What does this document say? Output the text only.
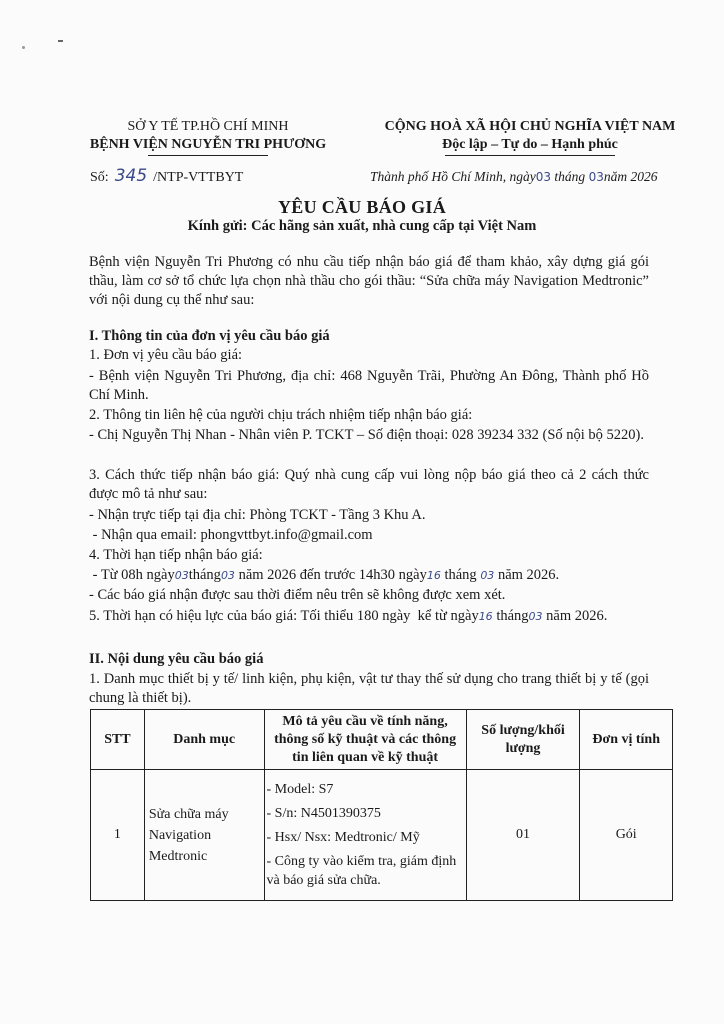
SỞ Y TẾ TP.HỒ CHÍ MINH
BỆNH VIỆN NGUYỄN TRI PHƯƠNG
Số: 345 /NTP-VTTBYT
CỘNG HOÀ XÃ HỘI CHỦ NGHĨA VIỆT NAM
Độc lập – Tự do – Hạnh phúc
Thành phố Hồ Chí Minh, ngày03 tháng 03năm 2026
YÊU CẦU BÁO GIÁ
Kính gửi: Các hãng sản xuất, nhà cung cấp tại Việt Nam
Bệnh viện Nguyễn Tri Phương có nhu cầu tiếp nhận báo giá để tham khảo, xây dựng giá gói thầu, làm cơ sở tổ chức lựa chọn nhà thầu cho gói thầu: “Sửa chữa máy Navigation Medtronic” với nội dung cụ thể như sau:
I. Thông tin của đơn vị yêu cầu báo giá
1. Đơn vị yêu cầu báo giá:
- Bệnh viện Nguyễn Tri Phương, địa chỉ: 468 Nguyễn Trãi, Phường An Đông, Thành phố Hồ Chí Minh.
2. Thông tin liên hệ của người chịu trách nhiệm tiếp nhận báo giá:
- Chị Nguyễn Thị Nhan - Nhân viên P. TCKT – Số điện thoại: 028 39234 332 (Số nội bộ 5220).
3. Cách thức tiếp nhận báo giá: Quý nhà cung cấp vui lòng nộp báo giá theo cả 2 cách thức được mô tả như sau:
- Nhận trực tiếp tại địa chỉ: Phòng TCKT - Tầng 3 Khu A.
- Nhận qua email: phongvttbyt.info@gmail.com
4. Thời hạn tiếp nhận báo giá:
- Từ 08h ngày03tháng03 năm 2026 đến trước 14h30 ngày16 tháng 03 năm 2026.
- Các báo giá nhận được sau thời điểm nêu trên sẽ không được xem xét.
5. Thời hạn có hiệu lực của báo giá: Tối thiểu 180 ngày  kể từ ngày16 tháng03 năm 2026.
II. Nội dung yêu cầu báo giá
1. Danh mục thiết bị y tế/ linh kiện, phụ kiện, vật tư thay thế sử dụng cho trang thiết bị y tế (gọi chung là thiết bị).
STT	Danh mục	Mô tả yêu cầu về tính năng, thông số kỹ thuật và các thông tin liên quan về kỹ thuật	Số lượng/khối lượng	Đơn vị tính
1	Sửa chữa máy Navigation Medtronic	- Model: S7
- S/n: N4501390375
- Hsx/ Nsx: Medtronic/ Mỹ
- Công ty vào kiểm tra, giám định và báo giá sửa chữa.	01	Gói
